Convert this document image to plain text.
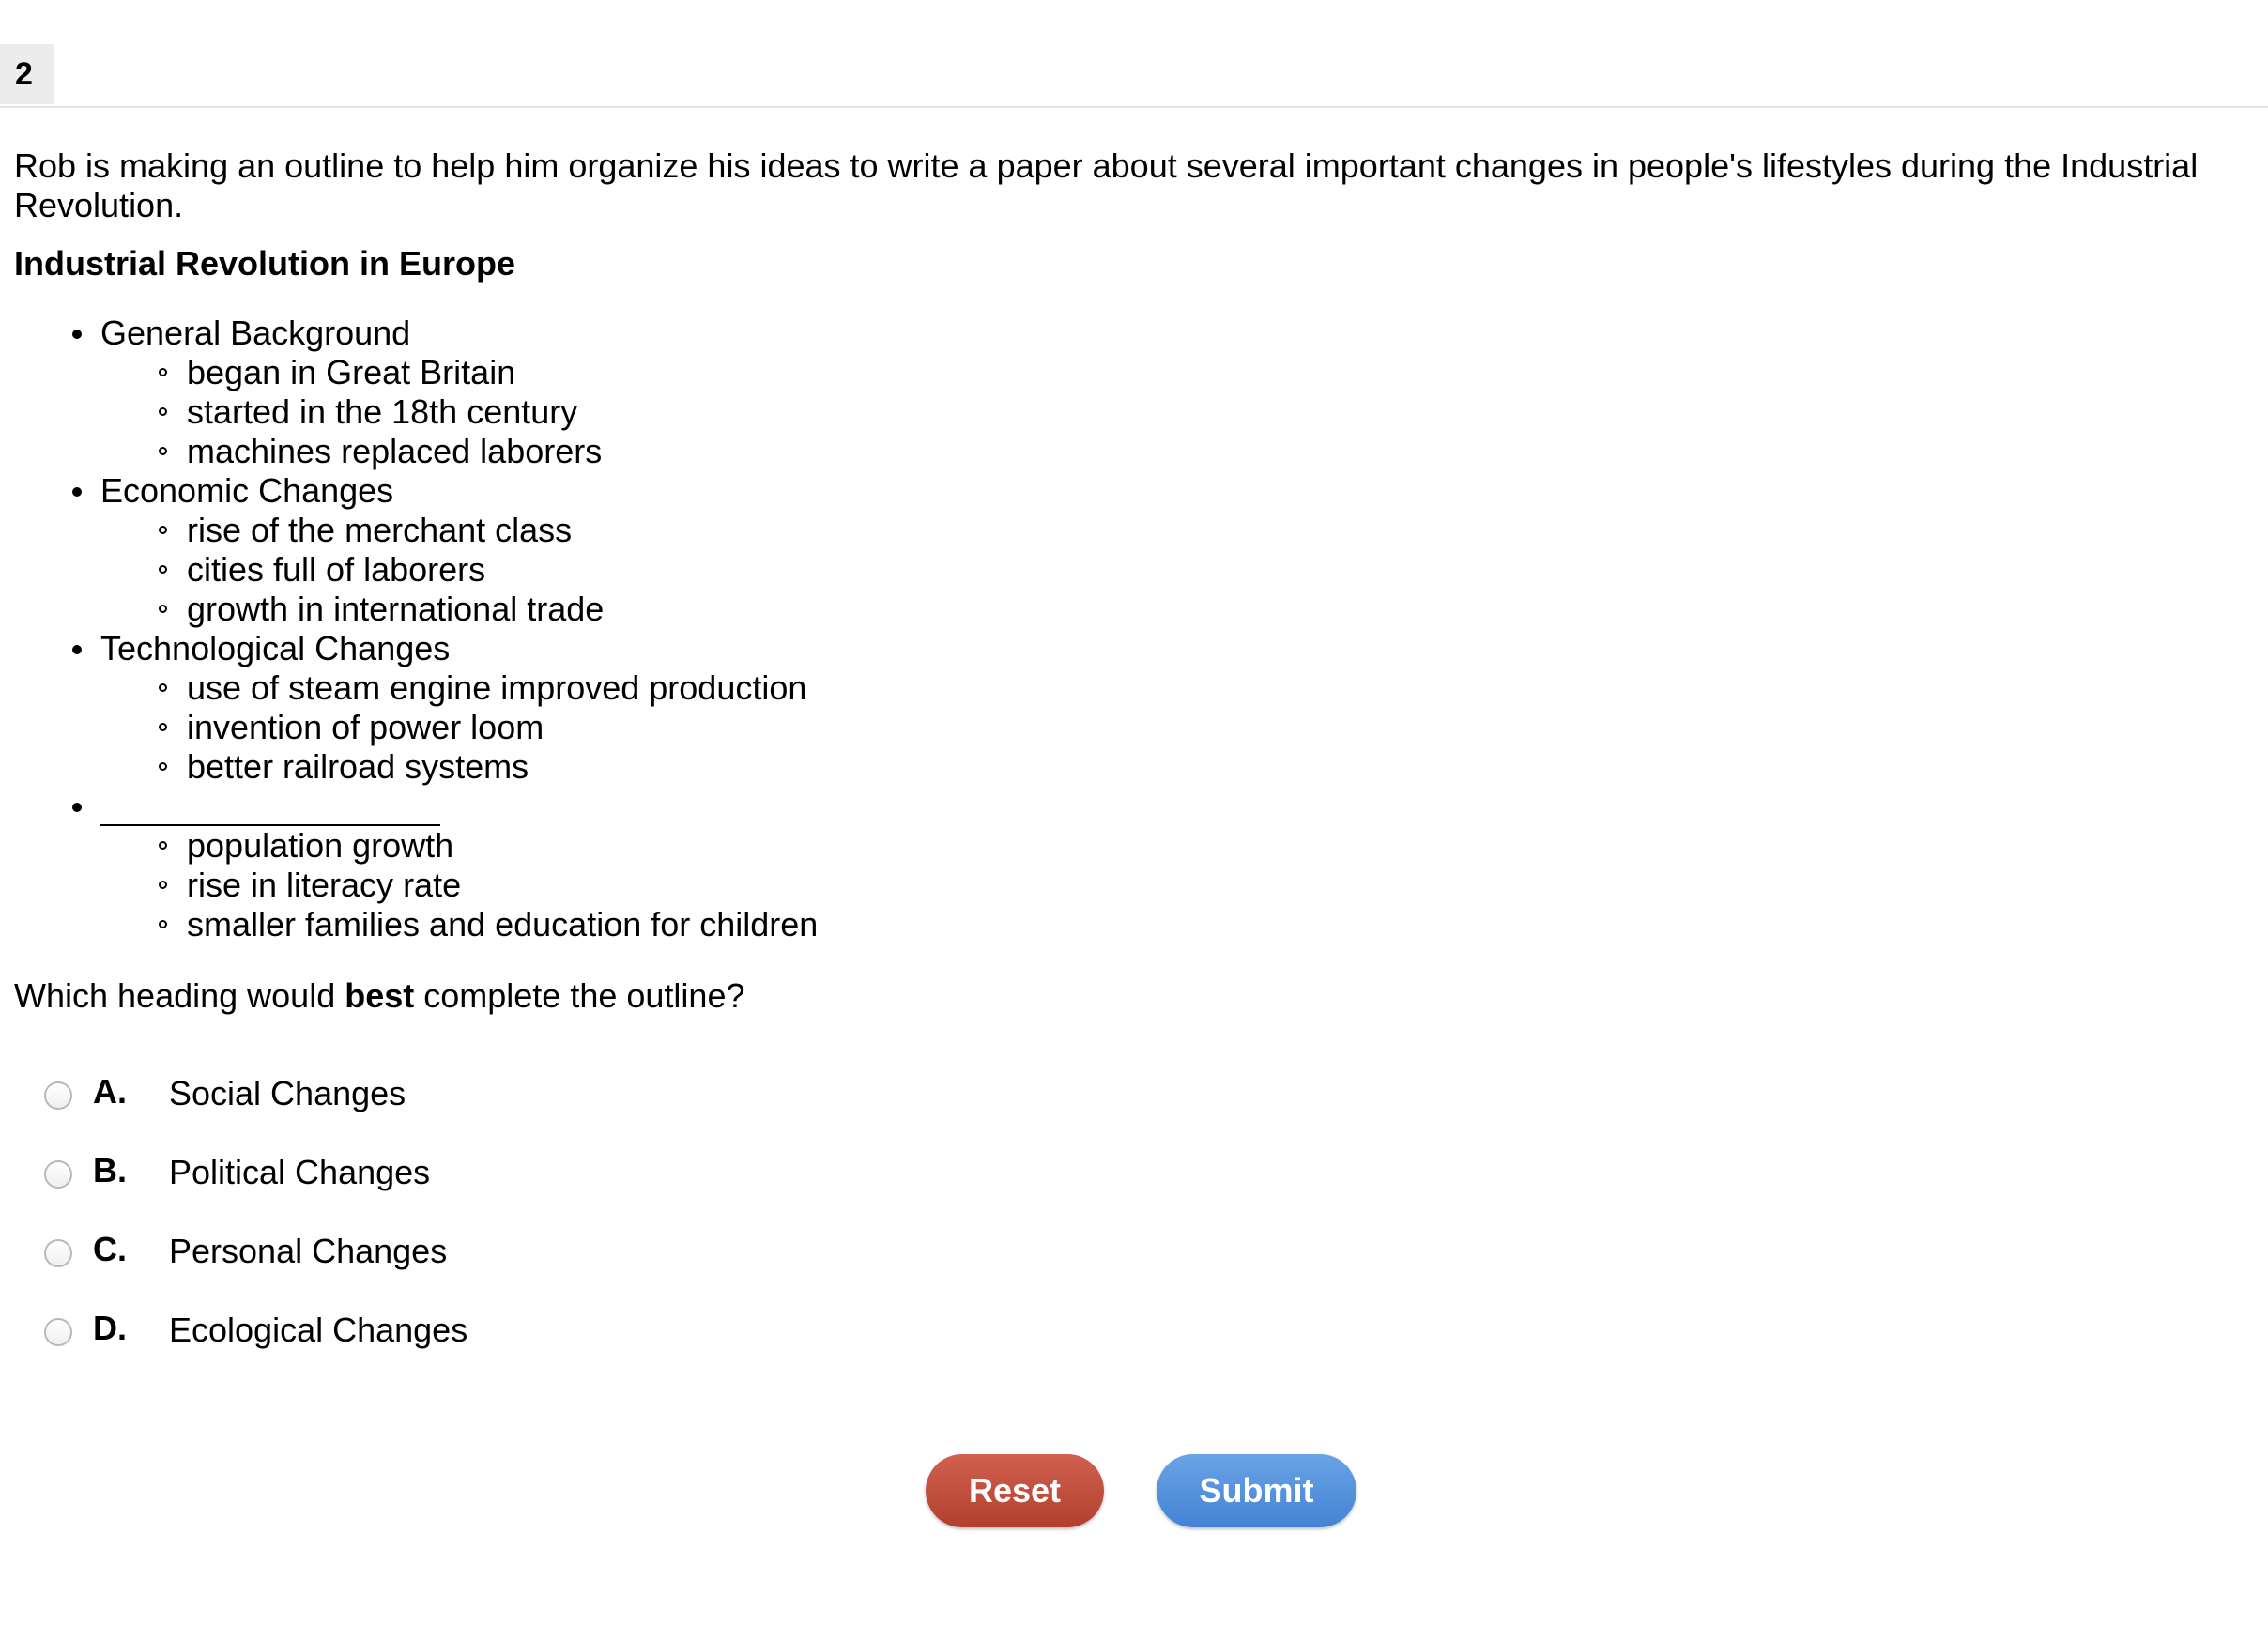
2

Rob is making an outline to help him organize his ideas to write a paper about several important changes in people's lifestyles during the Industrial Revolution.

Industrial Revolution in Europe

General Background
began in Great Britain
started in the 18th century
machines replaced laborers
Economic Changes
rise of the merchant class
cities full of laborers
growth in international trade
Technological Changes
use of steam engine improved production
invention of power loom
better railroad systems
population growth
rise in literacy rate
smaller families and education for children

Which heading would best complete the outline?

A. Social Changes
B. Political Changes
C. Personal Changes
D. Ecological Changes
Reset	Submit
